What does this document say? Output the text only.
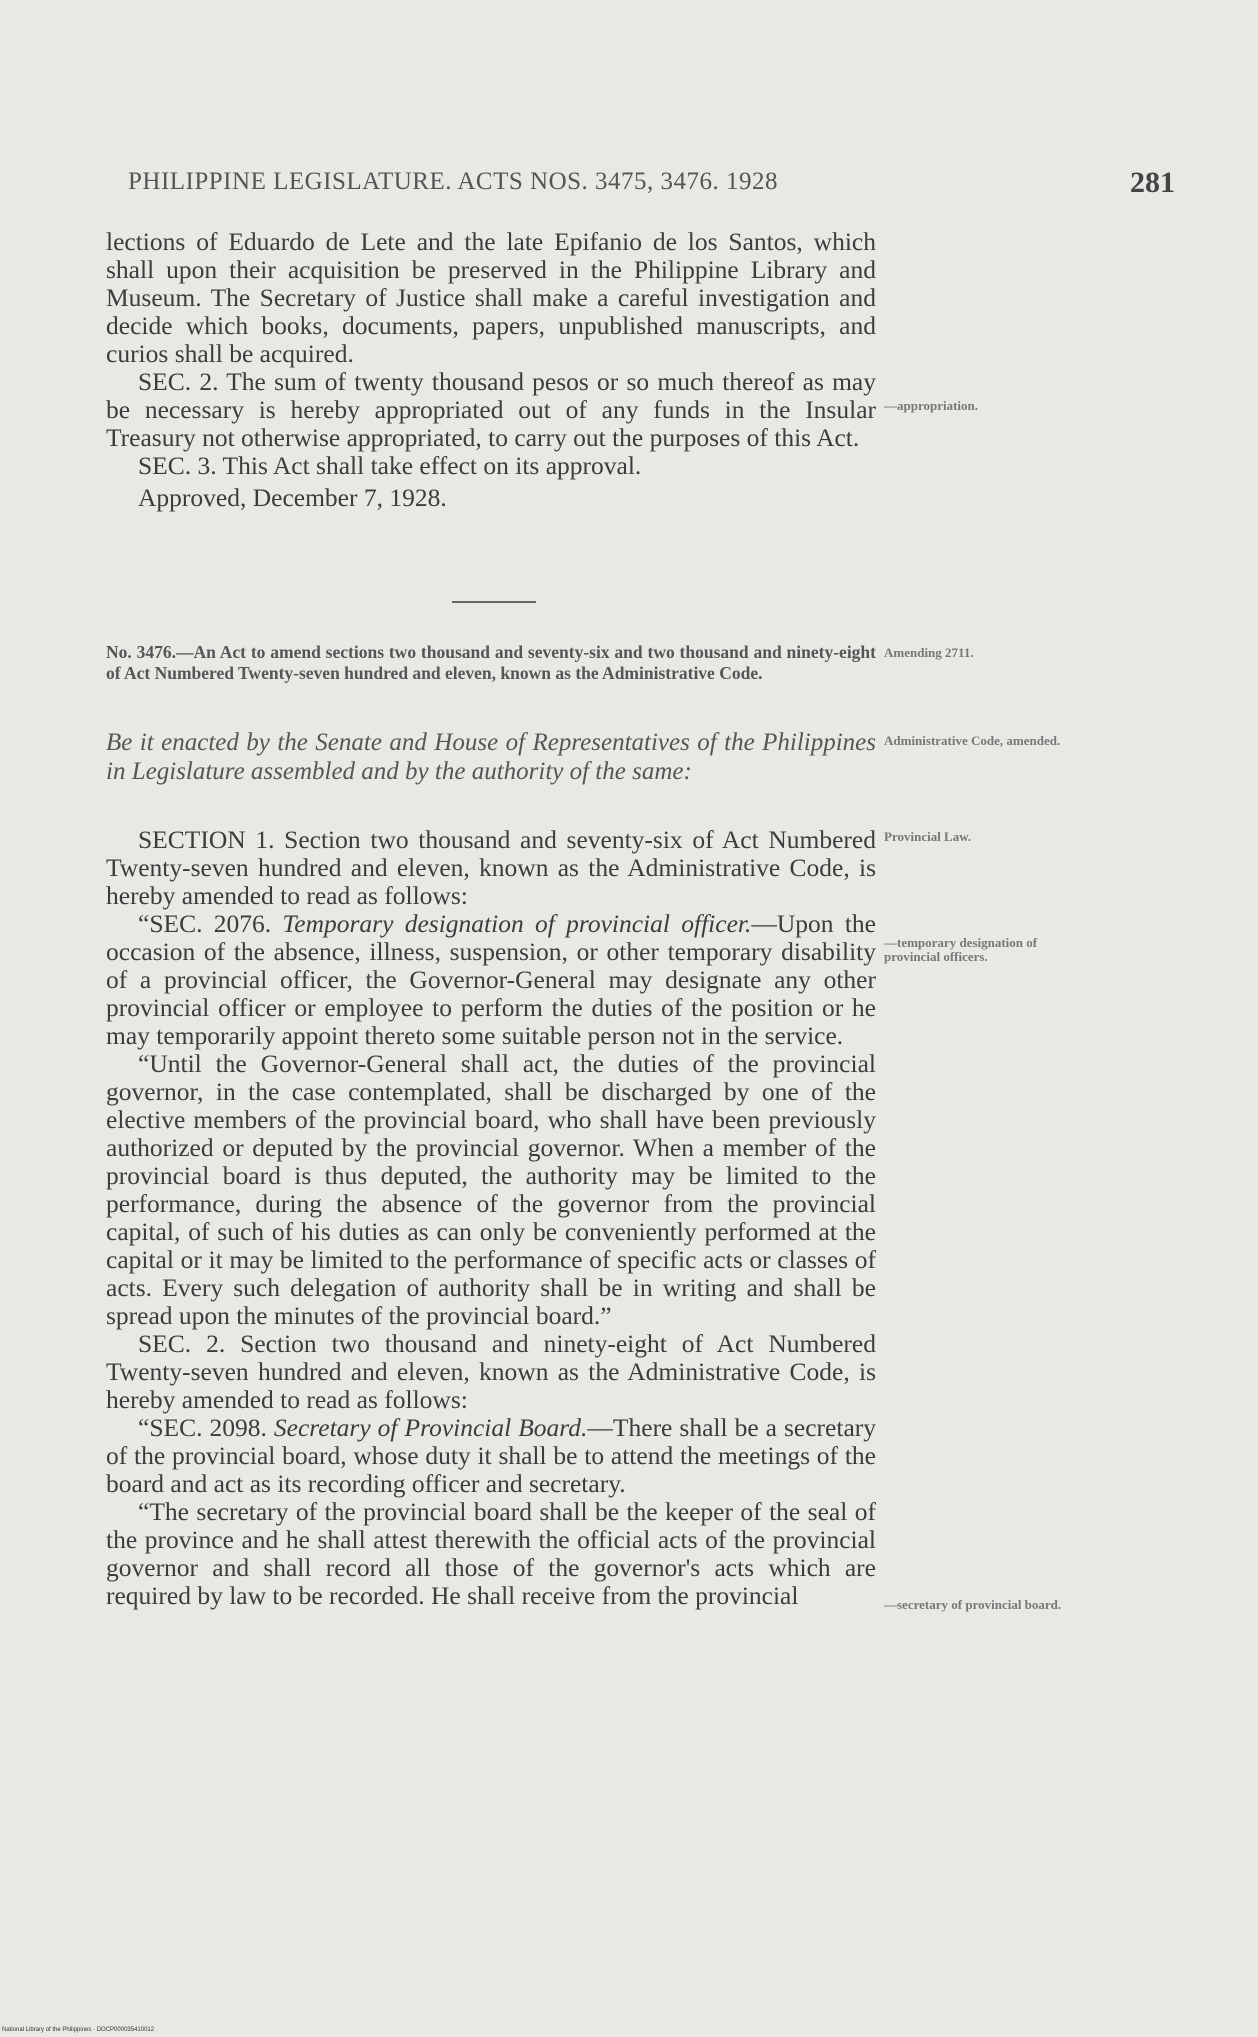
PHILIPPINE LEGISLATURE. ACTS NOS. 3475, 3476. 1928	281

lections of Eduardo de Lete and the late Epifanio de los Santos, which shall upon their acquisition be preserved in the Philippine Library and Museum. The Secretary of Justice shall make a careful investigation and decide which books, documents, papers, unpublished manuscripts, and curios shall be acquired.

SEC. 2. The sum of twenty thousand pesos or so much thereof as may be necessary is hereby appropriated out of any funds in the Insular Treasury not otherwise appropriated, to carry out the purposes of this Act.

SEC. 3. This Act shall take effect on its approval.

Approved, December 7, 1928.

No. 3476.—An Act to amend sections two thousand and seventy-six and two thousand and ninety-eight of Act Numbered Twenty-seven hundred and eleven, known as the Administrative Code.
Be it enacted by the Senate and House of Representatives of the Philippines in Legislature assembled and by the authority of the same:

SECTION 1. Section two thousand and seventy-six of Act Numbered Twenty-seven hundred and eleven, known as the Administrative Code, is hereby amended to read as follows:

“SEC. 2076. Temporary designation of provincial officer.—Upon the occasion of the absence, illness, suspension, or other temporary disability of a provincial officer, the Governor-General may designate any other provincial officer or employee to perform the duties of the position or he may temporarily appoint thereto some suitable person not in the service.

“Until the Governor-General shall act, the duties of the provincial governor, in the case contemplated, shall be discharged by one of the elective members of the provincial board, who shall have been previously authorized or deputed by the provincial governor. When a member of the provincial board is thus deputed, the authority may be limited to the performance, during the absence of the governor from the provincial capital, of such of his duties as can only be conveniently performed at the capital or it may be limited to the performance of specific acts or classes of acts. Every such delegation of authority shall be in writing and shall be spread upon the minutes of the provincial board.”

SEC. 2. Section two thousand and ninety-eight of Act Numbered Twenty-seven hundred and eleven, known as the Administrative Code, is hereby amended to read as follows:

“SEC. 2098. Secretary of Provincial Board.—There shall be a secretary of the provincial board, whose duty it shall be to attend the meetings of the board and act as its recording officer and secretary.

“The secretary of the provincial board shall be the keeper of the seal of the province and he shall attest therewith the official acts of the provincial governor and shall record all those of the governor's acts which are required by law to be recorded. He shall receive from the provincial

—appropriation.
Amending 2711.
Administrative Code, amended.
Provincial Law.
—temporary designation of provincial officers.
—secretary of provincial board.
National Library of the Philippines · DOCP000035410012
